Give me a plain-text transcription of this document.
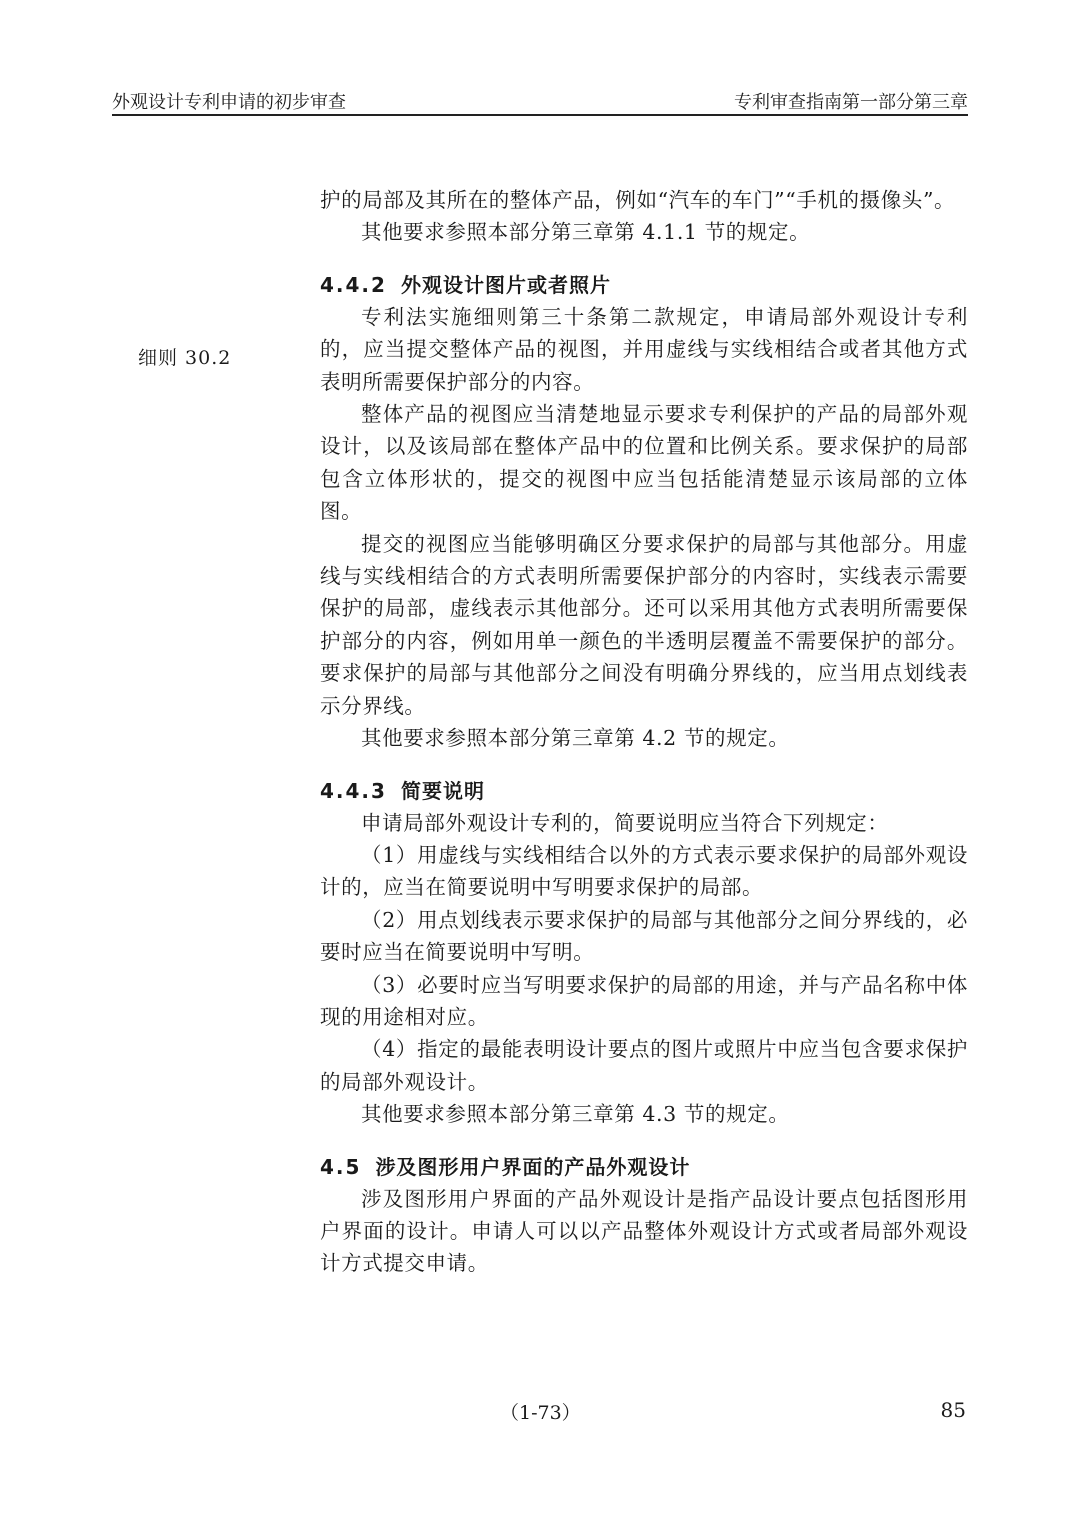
外观设计专利申请的初步审查	专利审查指南第一部分第三章
细则 30.2

护的局部及其所在的整体产品，例如“汽车的车门”“手机的摄像头”。

其他要求参照本部分第三章第 4.1.1 节的规定。

4.4.2 外观设计图片或者照片

专利法实施细则第三十条第二款规定，申请局部外观设计专利的，应当提交整体产品的视图，并用虚线与实线相结合或者其他方式表明所需要保护部分的内容。

整体产品的视图应当清楚地显示要求专利保护的产品的局部外观设计，以及该局部在整体产品中的位置和比例关系。要求保护的局部包含立体形状的，提交的视图中应当包括能清楚显示该局部的立体图。

提交的视图应当能够明确区分要求保护的局部与其他部分。用虚线与实线相结合的方式表明所需要保护部分的内容时，实线表示需要保护的局部，虚线表示其他部分。还可以采用其他方式表明所需要保护部分的内容，例如用单一颜色的半透明层覆盖不需要保护的部分。要求保护的局部与其他部分之间没有明确分界线的，应当用点划线表示分界线。

其他要求参照本部分第三章第 4.2 节的规定。

4.4.3 简要说明

申请局部外观设计专利的，简要说明应当符合下列规定：

（1）用虚线与实线相结合以外的方式表示要求保护的局部外观设计的，应当在简要说明中写明要求保护的局部。

（2）用点划线表示要求保护的局部与其他部分之间分界线的，必要时应当在简要说明中写明。

（3）必要时应当写明要求保护的局部的用途，并与产品名称中体现的用途相对应。

（4）指定的最能表明设计要点的图片或照片中应当包含要求保护的局部外观设计。

其他要求参照本部分第三章第 4.3 节的规定。

4.5 涉及图形用户界面的产品外观设计

涉及图形用户界面的产品外观设计是指产品设计要点包括图形用户界面的设计。申请人可以以产品整体外观设计方式或者局部外观设计方式提交申请。

（1-73）	85
